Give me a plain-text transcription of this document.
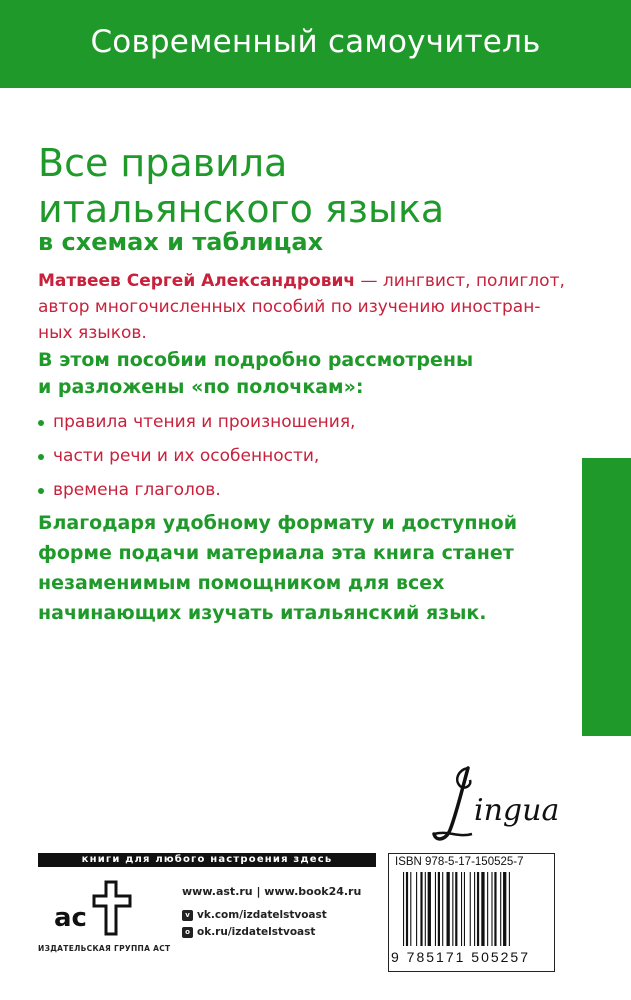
Современный самоучитель
Все правила
итальянского языка
в схемах и таблицах
Матвеев Сергей Александрович — лингвист, полиглот,
автор многочисленных пособий по изучению иностран-
ных языков.
В этом пособии подробно рассмотрены
и разложены «по полочкам»:
правила чтения и произношения,
части речи и их особенности,
времена глаголов.
Благодаря удобному формату и доступной
форме подачи материала эта книга станет
незаменимым помощником для всех
начинающих изучать итальянский язык.
ingua
книги для любого настроения здесь
ас
ИЗДАТЕЛЬСКАЯ ГРУППА АСТ
www.ast.ru | www.book24.ru
v vk.com/izdatelstvoast
o ok.ru/izdatelstvoast
ISBN 978-5-17-150525-7
9 785171 505257
